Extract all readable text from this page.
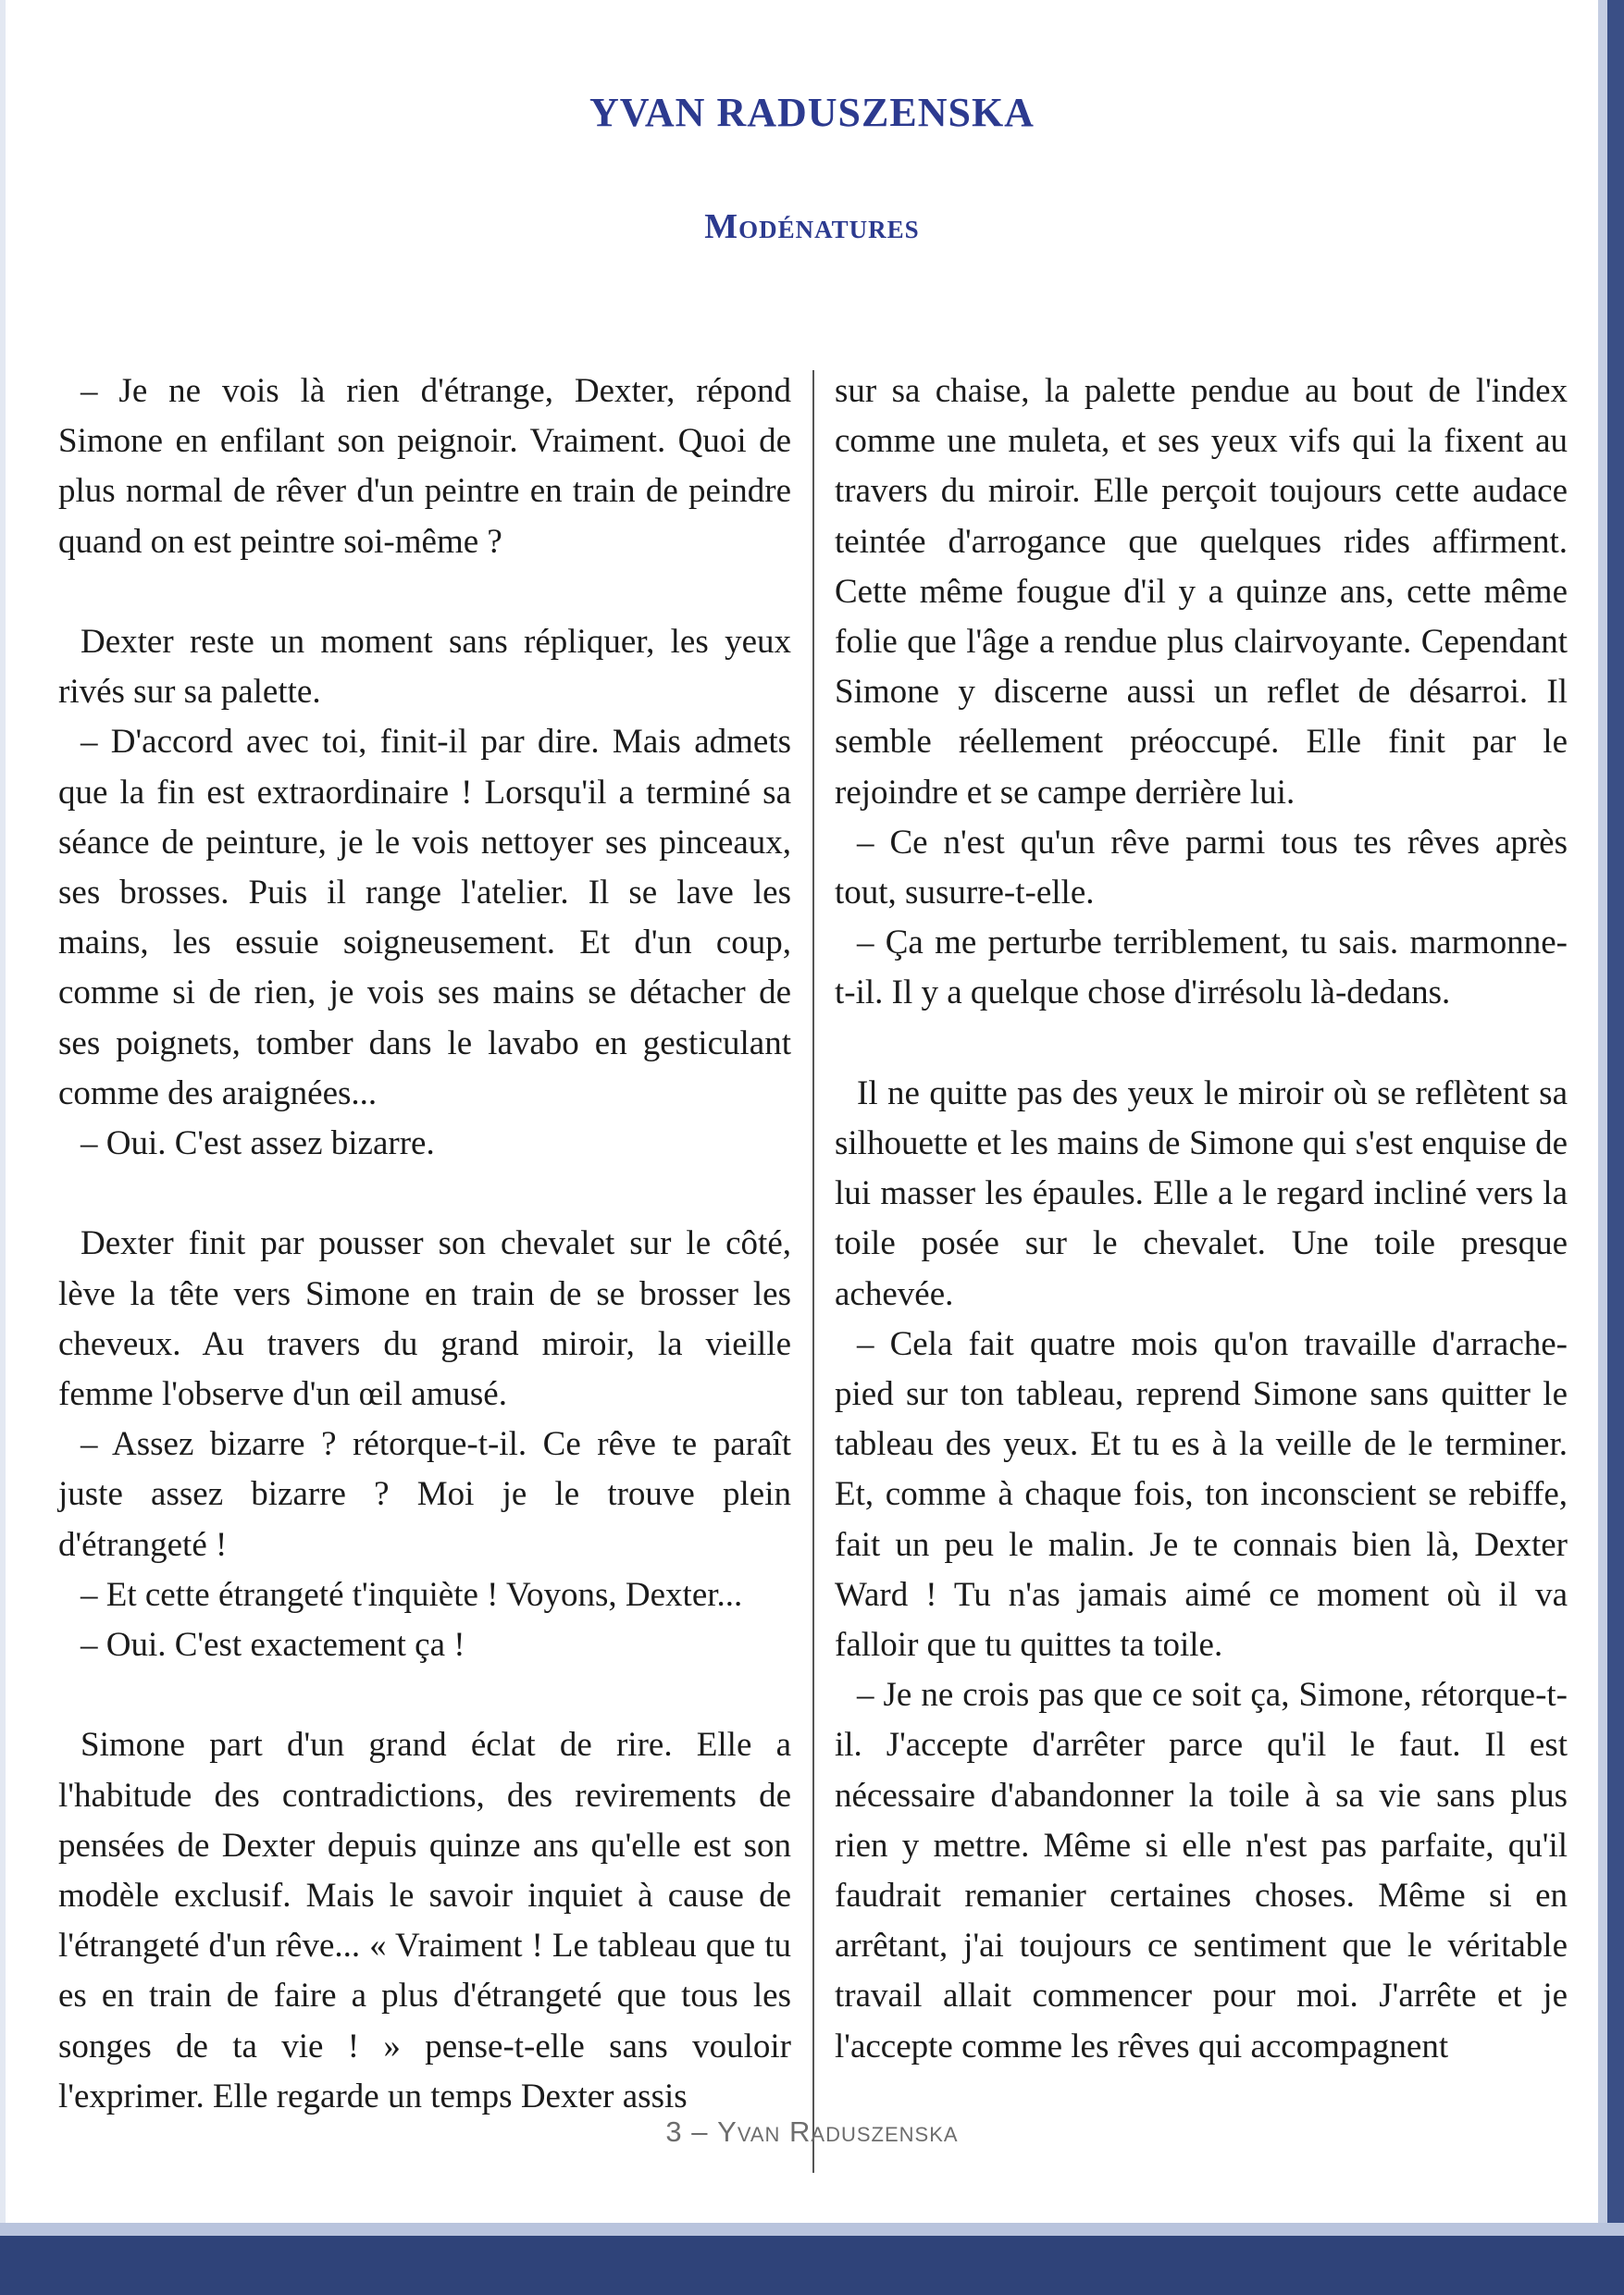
YVAN RADUSZENSKA
Modénatures

– Je ne vois là rien d'étrange, Dexter, répond Simone en enfilant son peignoir. Vraiment. Quoi de plus normal de rêver d'un peintre en train de peindre quand on est peintre soi-même ?

Dexter reste un moment sans répliquer, les yeux rivés sur sa palette.

– D'accord avec toi, finit-il par dire. Mais admets que la fin est extraordinaire ! Lorsqu'il a terminé sa séance de peinture, je le vois nettoyer ses pinceaux, ses brosses. Puis il range l'atelier. Il se lave les mains, les essuie soigneusement. Et d'un coup, comme si de rien, je vois ses mains se détacher de ses poignets, tomber dans le lavabo en gesticulant comme des araignées...

– Oui. C'est assez bizarre.

Dexter finit par pousser son chevalet sur le côté, lève la tête vers Simone en train de se brosser les cheveux. Au travers du grand miroir, la vieille femme l'observe d'un œil amusé.

– Assez bizarre ? rétorque-t-il. Ce rêve te paraît juste assez bizarre ? Moi je le trouve plein d'étrangeté !

– Et cette étrangeté t'inquiète ! Voyons, Dexter...

– Oui. C'est exactement ça !

Simone part d'un grand éclat de rire. Elle a l'habitude des contradictions, des revirements de pensées de Dexter depuis quinze ans qu'elle est son modèle exclusif. Mais le savoir inquiet à cause de l'étrangeté d'un rêve... « Vraiment ! Le tableau que tu es en train de faire a plus d'étrangeté que tous les songes de ta vie ! » pense-t-elle sans vouloir l'exprimer. Elle regarde un temps Dexter assis

sur sa chaise, la palette pendue au bout de l'index comme une muleta, et ses yeux vifs qui la fixent au travers du miroir. Elle perçoit toujours cette audace teintée d'arrogance que quelques rides affirment. Cette même fougue d'il y a quinze ans, cette même folie que l'âge a rendue plus clairvoyante. Cependant Simone y discerne aussi un reflet de désarroi. Il semble réellement préoccupé. Elle finit par le rejoindre et se campe derrière lui.

– Ce n'est qu'un rêve parmi tous tes rêves après tout, susurre-t-elle.

– Ça me perturbe terriblement, tu sais. marmonne-t-il. Il y a quelque chose d'irrésolu là-dedans.

Il ne quitte pas des yeux le miroir où se reflètent sa silhouette et les mains de Simone qui s'est enquise de lui masser les épaules. Elle a le regard incliné vers la toile posée sur le chevalet. Une toile presque achevée.

– Cela fait quatre mois qu'on travaille d'arrache-pied sur ton tableau, reprend Simone sans quitter le tableau des yeux. Et tu es à la veille de le terminer. Et, comme à chaque fois, ton inconscient se rebiffe, fait un peu le malin. Je te connais bien là, Dexter Ward ! Tu n'as jamais aimé ce moment où il va falloir que tu quittes ta toile.

– Je ne crois pas que ce soit ça, Simone, rétorque-t-il. J'accepte d'arrêter parce qu'il le faut. Il est nécessaire d'abandonner la toile à sa vie sans plus rien y mettre. Même si elle n'est pas parfaite, qu'il faudrait remanier certaines choses. Même si en arrêtant, j'ai toujours ce sentiment que le véritable travail allait commencer pour moi. J'arrête et je l'accepte comme les rêves qui accompagnent

3 – Yvan Raduszenska
